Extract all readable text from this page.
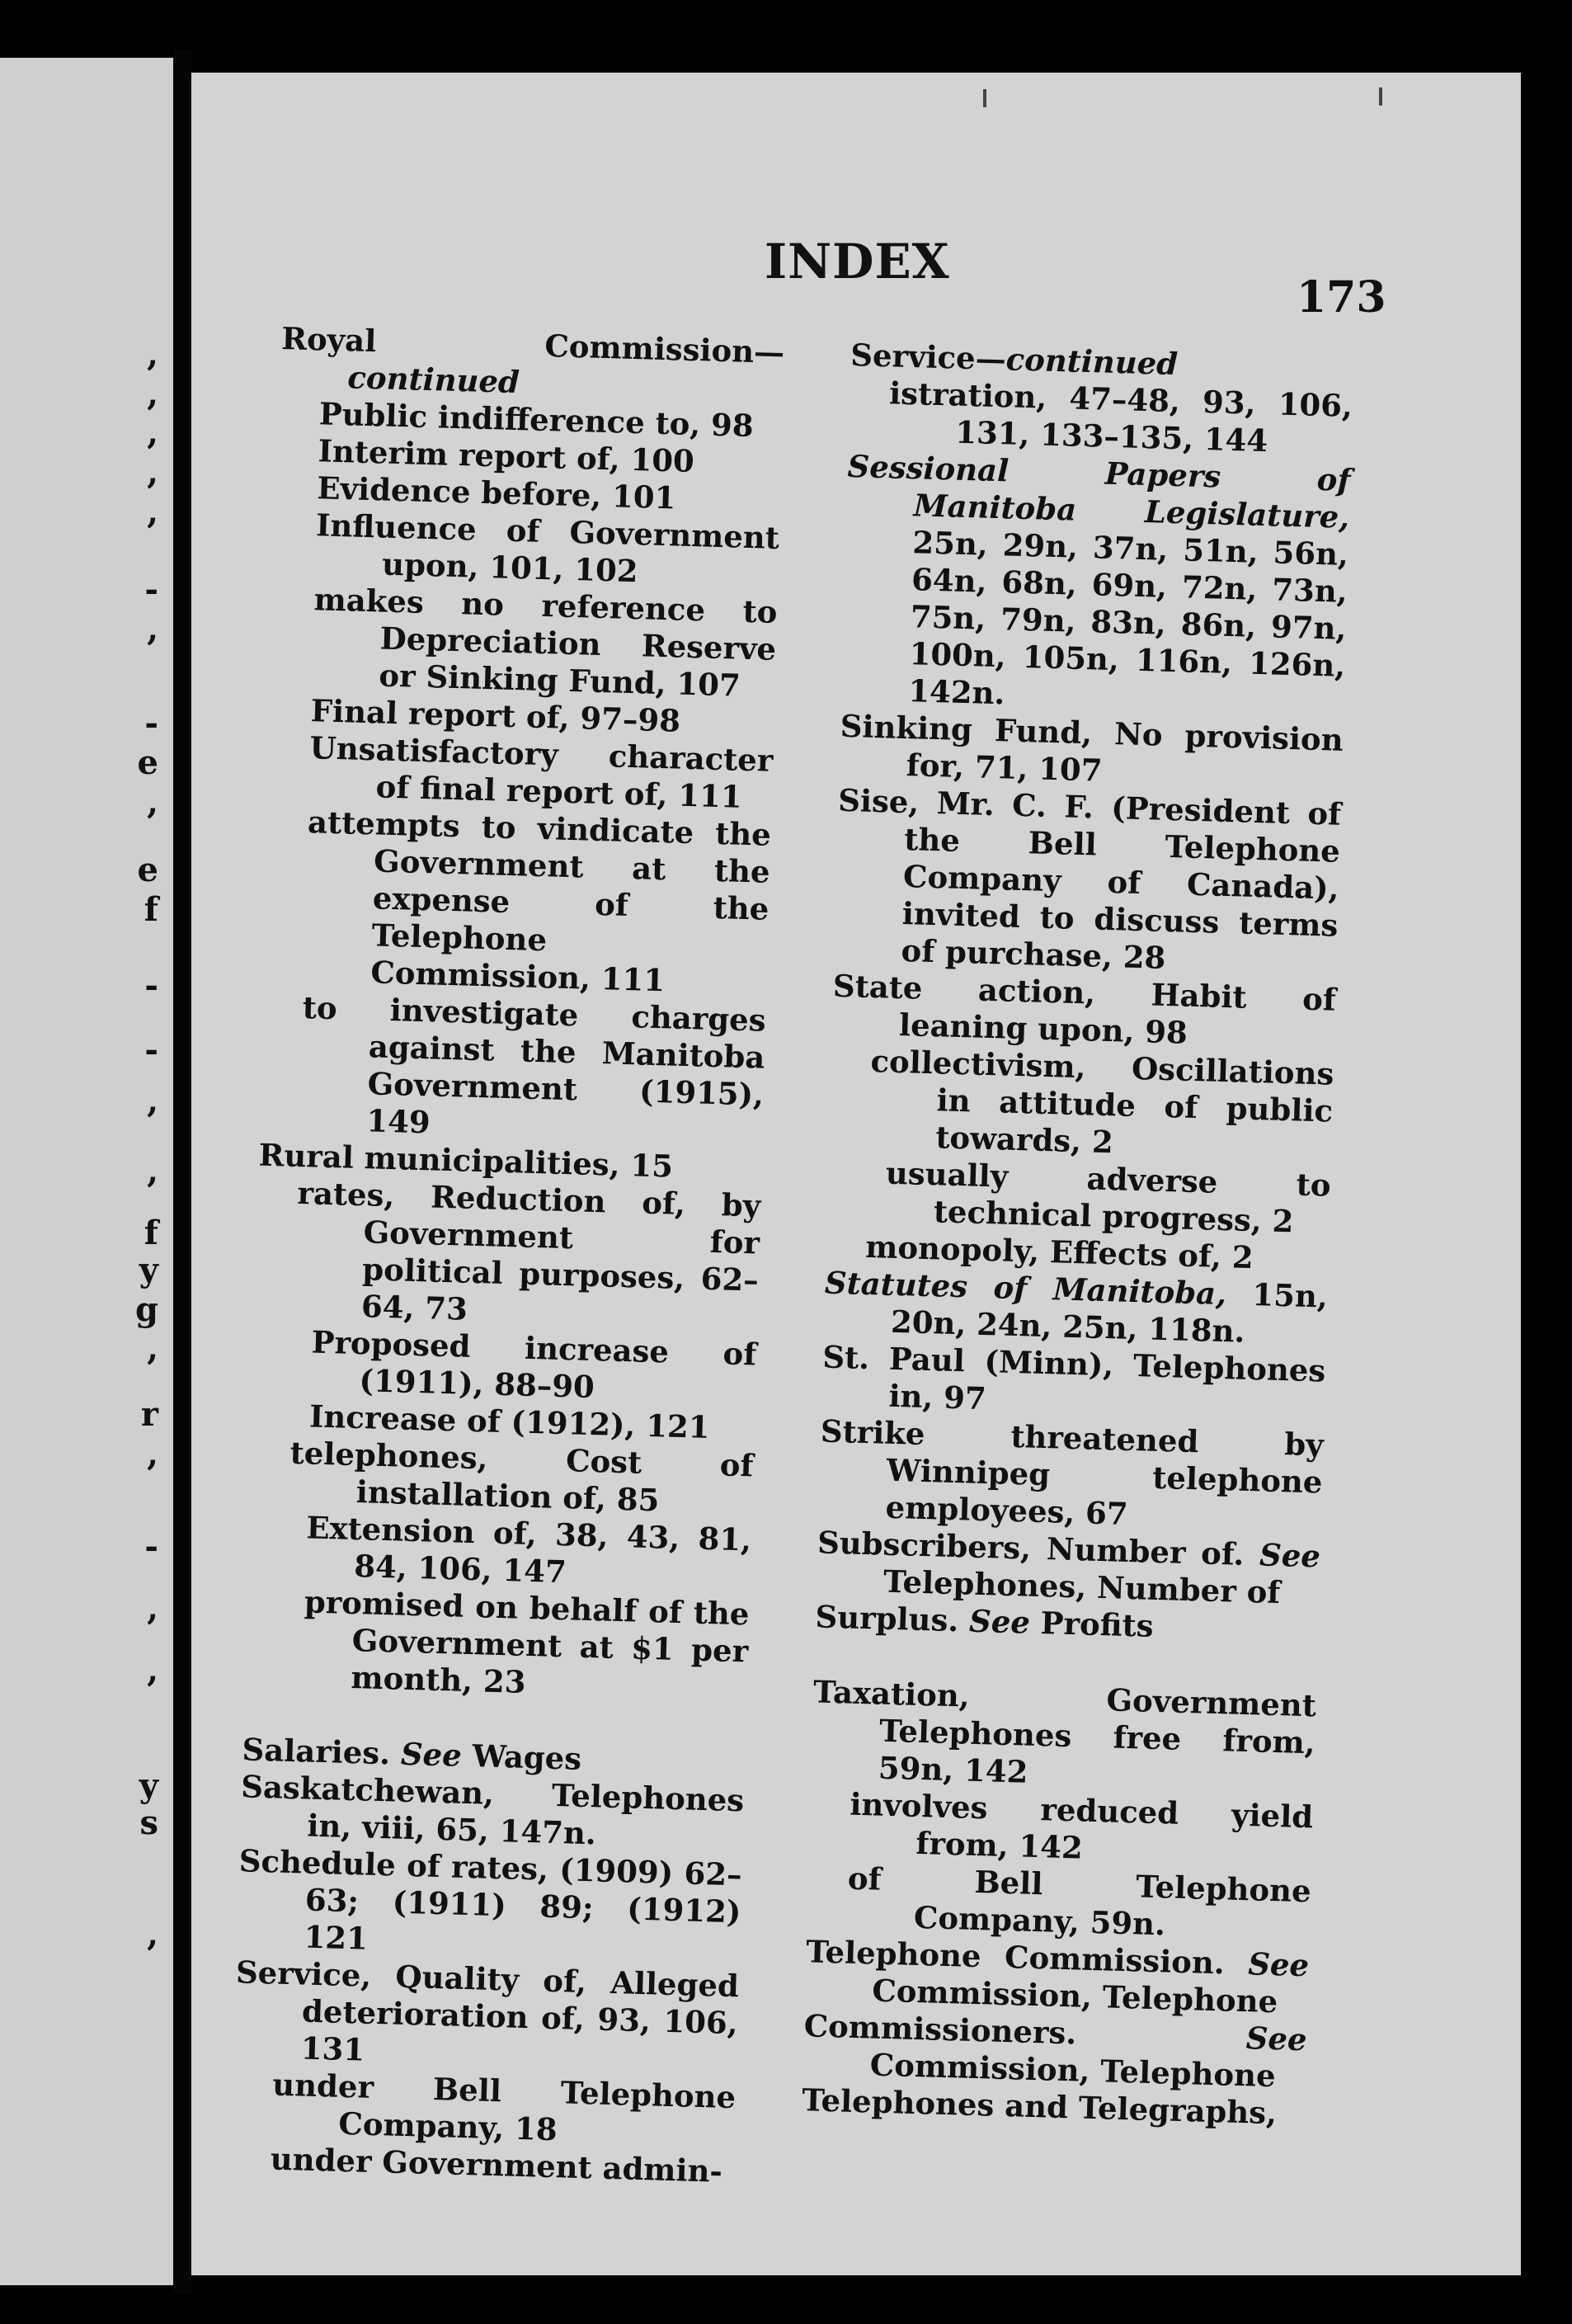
,
,
,
,
,
-
,
-
e
,
e
f
-
-
,
,
f
y
g
,
r
,
-
,
,
y
s
,
INDEX
173
Royal Commission—continued
Public indifference to, 98
Interim report of, 100
Evidence before, 101
Influence of Government upon, 101, 102
makes no reference to Depreciation Reserve or Sinking Fund, 107
Final report of, 97–98
Unsatisfactory character of final report of, 111
attempts to vindicate the Government at the expense of the Telephone Commission, 111
to investigate charges against the Manitoba Government (1915), 149
Rural municipalities, 15
rates, Reduction of, by Government for political purposes, 62–64, 73
Proposed increase of (1911), 88–90
Increase of (1912), 121
telephones, Cost of installation of, 85
Extension of, 38, 43, 81, 84, 106, 147
promised on behalf of the Government at $1 per month, 23
Salaries. See Wages
Saskatchewan, Telephones in, viii, 65, 147n.
Schedule of rates, (1909) 62–63; (1911) 89; (1912) 121
Service, Quality of, Alleged deterioration of, 93, 106, 131
under Bell Telephone Company, 18
under Government admin-
Service—continued
istration, 47–48, 93, 106, 131, 133–135, 144
Sessional Papers of Manitoba Legislature, 25n, 29n, 37n, 51n, 56n, 64n, 68n, 69n, 72n, 73n, 75n, 79n, 83n, 86n, 97n, 100n, 105n, 116n, 126n, 142n.
Sinking Fund, No provision for, 71, 107
Sise, Mr. C. F. (President of the Bell Telephone Company of Canada), invited to discuss terms of purchase, 28
State action, Habit of leaning upon, 98
collectivism, Oscillations in attitude of public towards, 2
usually adverse to technical progress, 2
monopoly, Effects of, 2
Statutes of Manitoba, 15n, 20n, 24n, 25n, 118n.
St. Paul (Minn), Telephones in, 97
Strike threatened by Winnipeg telephone employees, 67
Subscribers, Number of. See Telephones, Number of
Surplus. See Profits
Taxation, Government Telephones free from, 59n, 142
involves reduced yield from, 142
of Bell Telephone Company, 59n.
Telephone Commission. See Commission, Telephone
Commissioners. See Commission, Telephone
Telephones and Telegraphs,
